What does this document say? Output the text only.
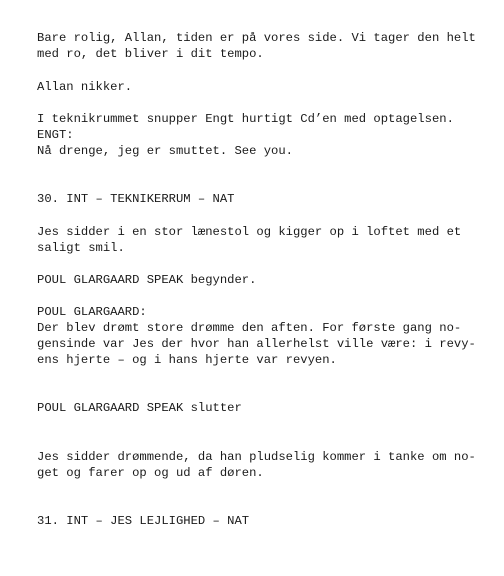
Bare rolig, Allan, tiden er på vores side. Vi tager den helt

med ro, det bliver i dit tempo.

Allan nikker.

I teknikrummet snupper Engt hurtigt Cd’en med optagelsen.

ENGT:

Nå drenge, jeg er smuttet. See you.

30. INT – TEKNIKERRUM – NAT

Jes sidder i en stor lænestol og kigger op i loftet med et

saligt smil.

POUL GLARGAARD SPEAK begynder.

POUL GLARGAARD:

Der blev drømt store drømme den aften. For første gang no-

gensinde var Jes der hvor han allerhelst ville være: i revy-

ens hjerte – og i hans hjerte var revyen.

POUL GLARGAARD SPEAK slutter

Jes sidder drømmende, da han pludselig kommer i tanke om no-

get og farer op og ud af døren.

31. INT – JES LEJLIGHED – NAT
